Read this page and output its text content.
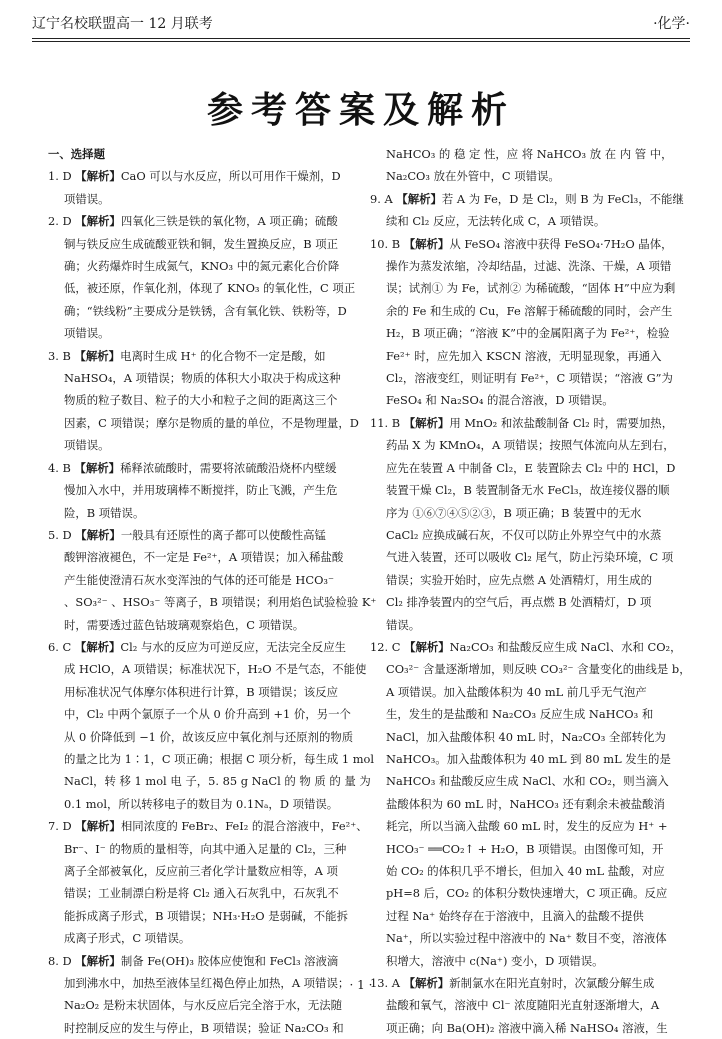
辽宁名校联盟高一 12 月联考	·化学·
参考答案及解析
一、选择题
1. D 【解析】CaO 可以与水反应，所以可用作干燥剂，D
项错误。
2. D 【解析】四氧化三铁是铁的氧化物，A 项正确；硫酸
铜与铁反应生成硫酸亚铁和铜，发生置换反应，B 项正
确；火药爆炸时生成氮气，KNO₃ 中的氮元素化合价降
低，被还原，作氧化剂，体现了 KNO₃ 的氧化性，C 项正
确；“铁线粉”主要成分是铁锈，含有氧化铁、铁粉等，D
项错误。
3. B 【解析】电离时生成 H⁺ 的化合物不一定是酸，如
NaHSO₄，A 项错误；物质的体积大小取决于构成这种
物质的粒子数目、粒子的大小和粒子之间的距离这三个
因素，C 项错误；摩尔是物质的量的单位，不是物理量，D
项错误。
4. B 【解析】稀释浓硫酸时，需要将浓硫酸沿烧杯内壁缓
慢加入水中，并用玻璃棒不断搅拌，防止飞溅，产生危
险，B 项错误。
5. D 【解析】一般具有还原性的离子都可以使酸性高锰
酸钾溶液褪色，不一定是 Fe²⁺，A 项错误；加入稀盐酸
产生能使澄清石灰水变浑浊的气体的还可能是 HCO₃⁻
、SO₃²⁻ 、HSO₃⁻ 等离子，B 项错误；利用焰色试验检验 K⁺
时，需要透过蓝色钴玻璃观察焰色，C 项错误。
6. C 【解析】Cl₂ 与水的反应为可逆反应，无法完全反应生
成 HClO，A 项错误；标准状况下，H₂O 不是气态，不能使
用标准状况气体摩尔体积进行计算，B 项错误；该反应
中，Cl₂ 中两个氯原子一个从 0 价升高到 +1 价，另一个
从 0 价降低到 −1 价，故该反应中氧化剂与还原剂的物质
的量之比为 1∶1，C 项正确；根据 C 项分析，每生成 1 mol
NaCl，转 移 1 mol 电 子，5. 85 g NaCl 的 物 质 的 量 为
0.1 mol，所以转移电子的数目为 0.1Nₐ，D 项错误。
7. D 【解析】相同浓度的 FeBr₂、FeI₂ 的混合溶液中，Fe²⁺、
Br⁻、I⁻ 的物质的量相等，向其中通入足量的 Cl₂，三种
离子全部被氧化，反应前三者化学计量数应相等，A 项
错误；工业制漂白粉是将 Cl₂ 通入石灰乳中，石灰乳不
能拆成离子形式，B 项错误；NH₃·H₂O 是弱碱，不能拆
成离子形式，C 项错误。
8. D 【解析】制备 Fe(OH)₃ 胶体应使饱和 FeCl₃ 溶液滴
加到沸水中，加热至液体呈红褐色停止加热，A 项错误；
Na₂O₂ 是粉末状固体，与水反应后完全溶于水，无法随
时控制反应的发生与停止，B 项错误；验证 Na₂CO₃ 和
NaHCO₃ 的 稳 定 性，应 将 NaHCO₃ 放 在 内 管 中，
Na₂CO₃ 放在外管中，C 项错误。
9. A 【解析】若 A 为 Fe，D 是 Cl₂，则 B 为 FeCl₃，不能继
续和 Cl₂ 反应，无法转化成 C，A 项错误。
10. B 【解析】从 FeSO₄ 溶液中获得 FeSO₄·7H₂O 晶体，
操作为蒸发浓缩，冷却结晶，过滤、洗涤、干燥，A 项错
误；试剂① 为 Fe，试剂② 为稀硫酸，“固体 H”中应为剩
余的 Fe 和生成的 Cu，Fe 溶解于稀硫酸的同时，会产生
H₂，B 项正确；“溶液 K”中的金属阳离子为 Fe²⁺，检验
Fe²⁺ 时，应先加入 KSCN 溶液，无明显现象，再通入
Cl₂，溶液变红，则证明有 Fe²⁺，C 项错误；“溶液 G”为
FeSO₄ 和 Na₂SO₄ 的混合溶液，D 项错误。
11. B 【解析】用 MnO₂ 和浓盐酸制备 Cl₂ 时，需要加热，
药品 X 为 KMnO₄，A 项错误；按照气体流向从左到右，
应先在装置 A 中制备 Cl₂，E 装置除去 Cl₂ 中的 HCl，D
装置干燥 Cl₂，B 装置制备无水 FeCl₃，故连接仪器的顺
序为 ①⑥⑦④⑤②③，B 项正确；B 装置中的无水
CaCl₂ 应换成碱石灰，不仅可以防止外界空气中的水蒸
气进入装置，还可以吸收 Cl₂ 尾气，防止污染环境，C 项
错误；实验开始时，应先点燃 A 处酒精灯，用生成的
Cl₂ 排净装置内的空气后，再点燃 B 处酒精灯，D 项
错误。
12. C 【解析】Na₂CO₃ 和盐酸反应生成 NaCl、水和 CO₂，
CO₃²⁻ 含量逐渐增加，则反映 CO₃²⁻ 含量变化的曲线是 b，
A 项错误。加入盐酸体积为 40 mL 前几乎无气泡产
生，发生的是盐酸和 Na₂CO₃ 反应生成 NaHCO₃ 和
NaCl，加入盐酸体积 40 mL 时，Na₂CO₃ 全部转化为
NaHCO₃。加入盐酸体积为 40 mL 到 80 mL 发生的是
NaHCO₃ 和盐酸反应生成 NaCl、水和 CO₂，则当滴入
盐酸体积为 60 mL 时，NaHCO₃ 还有剩余未被盐酸消
耗完，所以当滴入盐酸 60 mL 时，发生的反应为 H⁺ +
HCO₃⁻ ══CO₂↑ + H₂O，B 项错误。由图像可知，开
始 CO₂ 的体积几乎不增长，但加入 40 mL 盐酸，对应
pH=8 后，CO₂ 的体积分数快速增大，C 项正确。反应
过程 Na⁺ 始终存在于溶液中，且滴入的盐酸不提供
Na⁺，所以实验过程中溶液中的 Na⁺ 数目不变，溶液体
积增大，溶液中 c(Na⁺) 变小，D 项错误。
13. A 【解析】新制氯水在阳光直射时，次氯酸分解生成
盐酸和氧气，溶液中 Cl⁻ 浓度随阳光直射逐渐增大，A
项正确；向 Ba(OH)₂ 溶液中滴入稀 NaHSO₄ 溶液，生
· 1 ·
